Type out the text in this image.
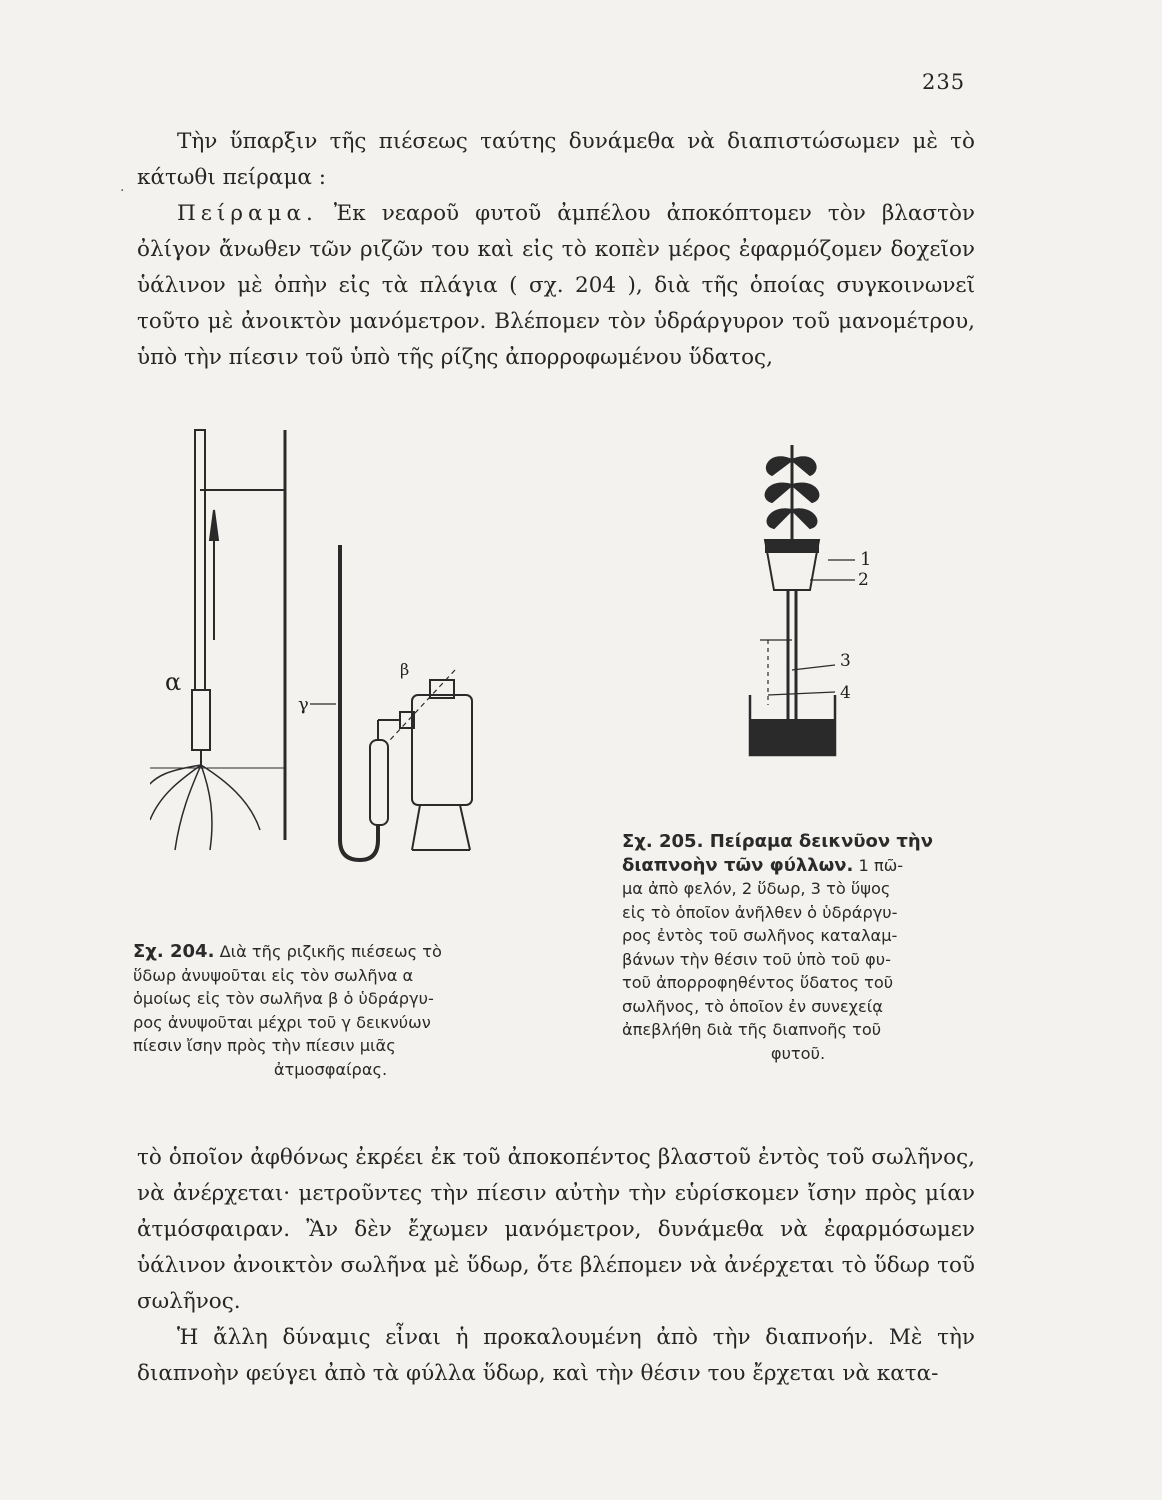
235
·

Τὴν ὕπαρξιν τῆς πιέσεως ταύτης δυνάμεθα νὰ διαπιστώσωμεν μὲ τὸ κάτωθι πείραμα :

Πείραμα. Ἐκ νεαροῦ φυτοῦ ἀμπέλου ἀποκόπτομεν τὸν βλαστὸν ὀλίγον ἄνωθεν τῶν ριζῶν του καὶ εἰς τὸ κοπὲν μέρος ἐφαρμόζομεν δοχεῖον ὑάλινον μὲ ὀπὴν εἰς τὰ πλάγια ( σχ. 204 ), διὰ τῆς ὁποίας συγκοινωνεῖ τοῦτο μὲ ἀνοικτὸν μανόμετρον. Βλέπομεν τὸν ὑδράργυρον τοῦ μανομέτρου, ὑπὸ τὴν πίεσιν τοῦ ὑπὸ τῆς ρίζης ἀπορροφωμένου ὕδατος,

α	β
γ
Σχ. 204. Διὰ τῆς ριζικῆς πιέσεως τὸ
ὕδωρ ἀνυψοῦται εἰς τὸν σωλῆνα α
ὁμοίως εἰς τὸν σωλῆνα β ὁ ὑδράργυ-
ρος ἀνυψοῦται μέχρι τοῦ γ δεικνύων
πίεσιν ἴσην πρὸς τὴν πίεσιν μιᾶς
ἀτμοσφαίρας.
1
2
3
4
Σχ. 205. Πείραμα δεικνῦον τὴν
διαπνοὴν τῶν φύλλων. 1 πῶ-
μα ἀπὸ φελόν, 2 ὕδωρ, 3 τὸ ὕψος
εἰς τὸ ὁποῖον ἀνῆλθεν ὁ ὑδράργυ-
ρος ἐντὸς τοῦ σωλῆνος καταλαμ-
βάνων τὴν θέσιν τοῦ ὑπὸ τοῦ φυ-
τοῦ ἀπορροφηθέντος ὕδατος τοῦ
σωλῆνος, τὸ ὁποῖον ἐν συνεχείᾳ
ἀπεβλήθη διὰ τῆς διαπνοῆς τοῦ
φυτοῦ.

τὸ ὁποῖον ἀφθόνως ἐκρέει ἐκ τοῦ ἀποκοπέντος βλαστοῦ ἐντὸς τοῦ σωλῆνος, νὰ ἀνέρχεται· μετροῦντες τὴν πίεσιν αὐτὴν τὴν εὑρίσκομεν ἴσην πρὸς μίαν ἀτμόσφαιραν. Ἂν δὲν ἔχωμεν μανόμετρον, δυνάμεθα νὰ ἐφαρμόσωμεν ὑάλινον ἀνοικτὸν σωλῆνα μὲ ὕδωρ, ὅτε βλέπομεν νὰ ἀνέρχεται τὸ ὕδωρ τοῦ σωλῆνος.

Ἡ ἄλλη δύναμις εἶναι ἡ προκαλουμένη ἀπὸ τὴν διαπνοήν. Μὲ τὴν διαπνοὴν φεύγει ἀπὸ τὰ φύλλα ὕδωρ, καὶ τὴν θέσιν του ἔρχεται νὰ κατα-
